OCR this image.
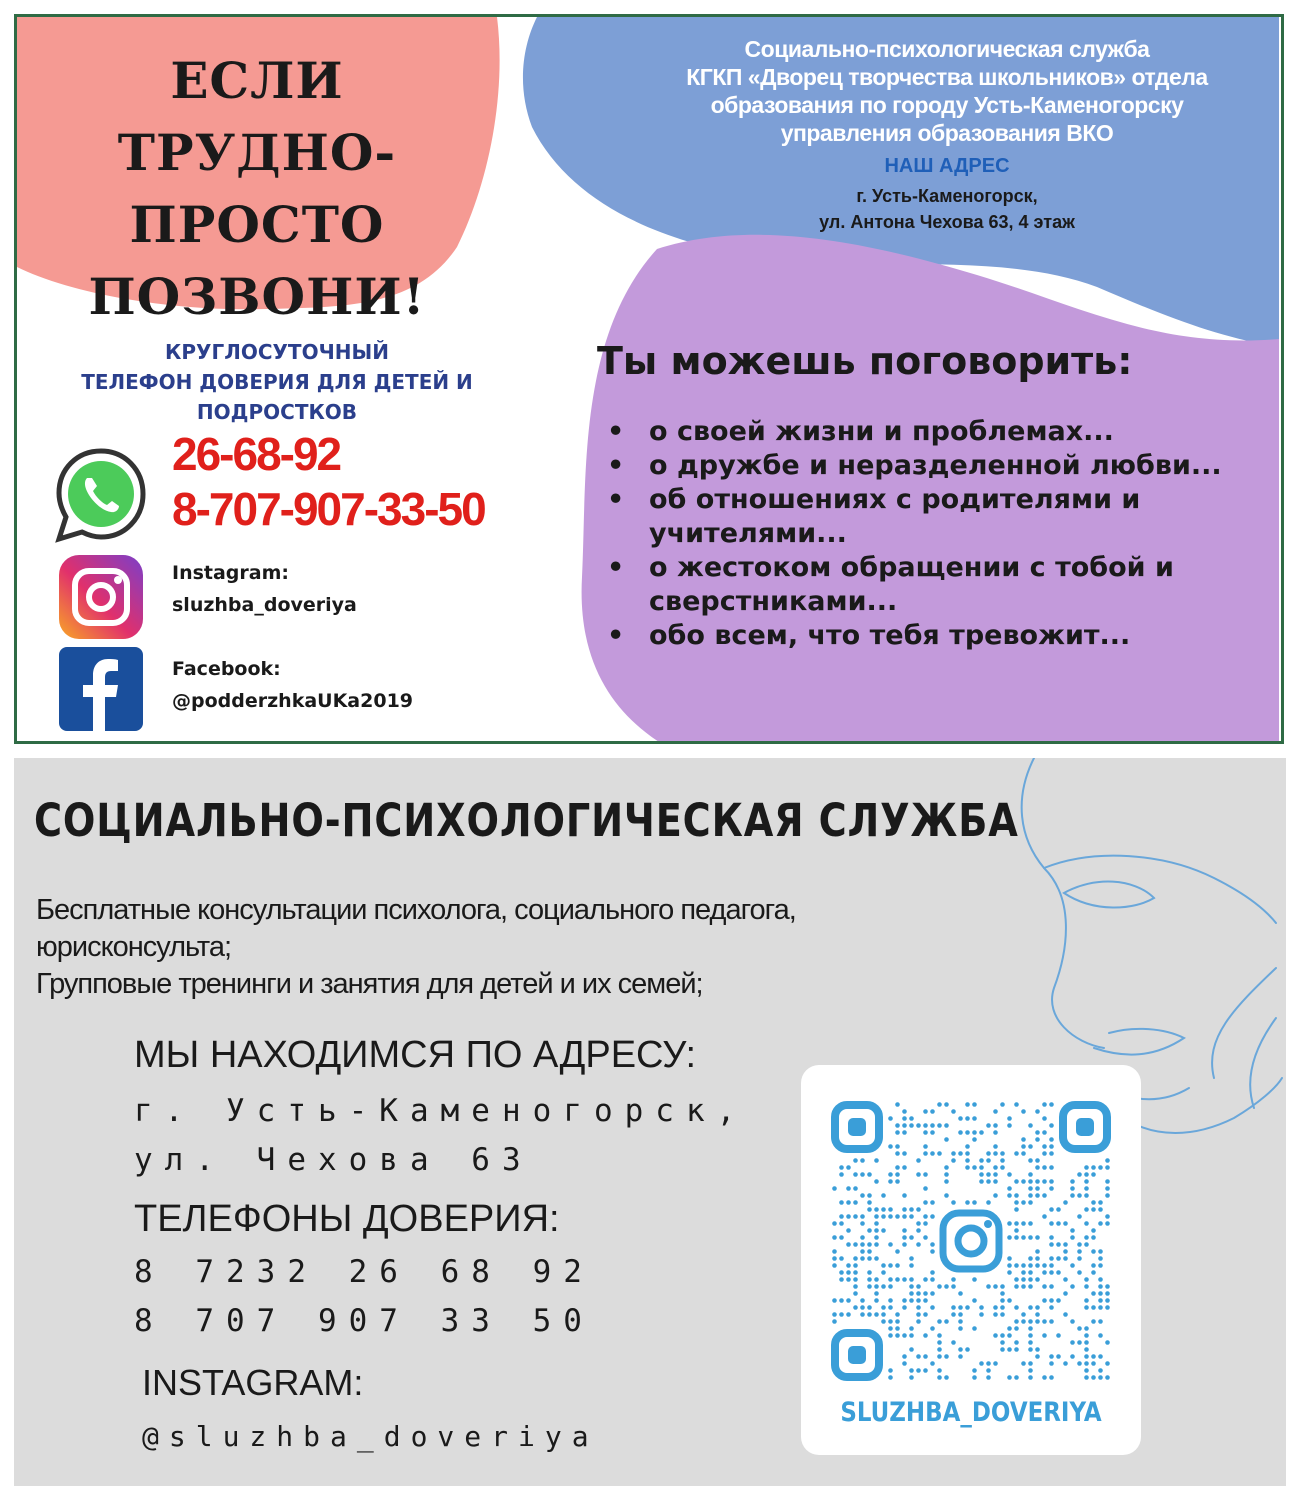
ЕСЛИ ТРУДНО-
ПРОСТО
ПОЗВОНИ!
Социально-психологическая служба
КГКП «Дворец творчества школьников» отдела
образования по городу Усть-Каменогорску
управления образования ВКО
НАШ АДРЕС
г. Усть-Каменогорск,
ул. Антона Чехова 63, 4 этаж
КРУГЛОСУТОЧНЫЙ
ТЕЛЕФОН ДОВЕРИЯ ДЛЯ ДЕТЕЙ И
ПОДРОСТКОВ
26-68-92
8-707-907-33-50
Instagram:
sluzhba_doveriya
Facebook:
@podderzhkaUKa2019
Ты можешь поговорить:
• о своей жизни и проблемах...
• о дружбе и неразделенной любви...
• об отношениях с родителями и учителями...
• о жестоком обращении с тобой и сверстниками...
• обо всем, что тебя тревожит...
СОЦИАЛЬНО-ПСИХОЛОГИЧЕСКАЯ СЛУЖБА
Бесплатные консультации психолога, социального педагога,
юрисконсульта;
Групповые тренинги и занятия для детей и их семей;
МЫ НАХОДИМСЯ ПО АДРЕСУ:
г. Усть-Каменогорск,
ул. Чехова 63
ТЕЛЕФОНЫ ДОВЕРИЯ:
8 7232 26 68 92
8 707 907 33 50
INSTAGRAM:
@sluzhba_doveriya
SLUZHBA_DOVERIYA
